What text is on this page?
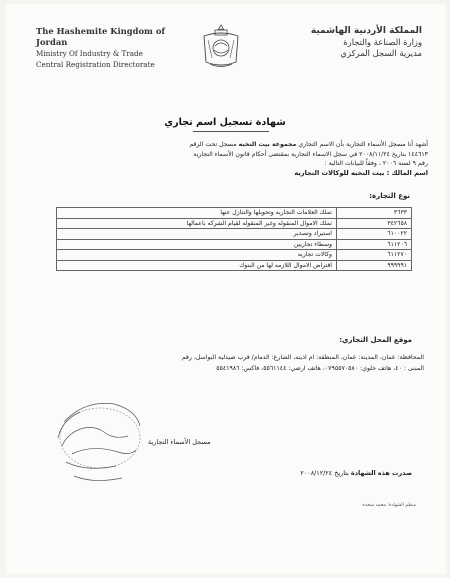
The Hashemite Kingdom of Jordan
Ministry Of Industry & Trade
Central Registration Directorate
المملكة الأردنية الهاشمية
وزارة الصناعة والتجارة
مديرية السجل المركزي
شهادة تسجيل اسم تجاري
أشهد أنا مسجل الأسماء التجارية بأن الاسم التجاري مجموعة بيت النخبه مسجل تحت الرقم
١٤٤٦١٣ بتاريخ ٢٠٠٨/١١/٢٤ في سجل الاسماء التجارية بمقتضى أحكام قانون الأسماء التجارية
رقم ٩ لسنة ٢٠٠٦ ، وفقاً للبيانات التالية :
اسم المالك : بيت النخبه للوكالات التجاريه
نوع التجارة:
٣٦٣٣	تملك العلامات التجاريه وتحويلها والتنازل عنها
٣٤٢٦٥٨	تملك الاموال المنقوله وغير المنقوله لقيام الشركه باعمالها
٦١٠٠٢٢	استيراد وتصدير
٦١١٢٠٦	وسطاء تجاريين
٦١١٢٧٠	وكالات تجاريه
٩٩٩٩٩١	اقتراض الاموال اللازمه لها من البنوك
موقع المحل التجاري:
المحافظة: عمان، المدينة: عمان، المنطقة: ام اذينه، الشارع: الدمام/ قرب صيدلية البواسل، رقم
المبنى : ٤٠، هاتف خلوي: ٠٧٩٥٥٧٠٥٨٠، هاتف ارضي: ٥٥٦١١٤٤، فاكس: ٥٥٤١٩٨٦
مسجل الأسماء التجارية
صدرت هذه الشهادة بتاريخ ٢٠٠٨/١٢/٢٤
منظم الشهادة: محمد شحدة
